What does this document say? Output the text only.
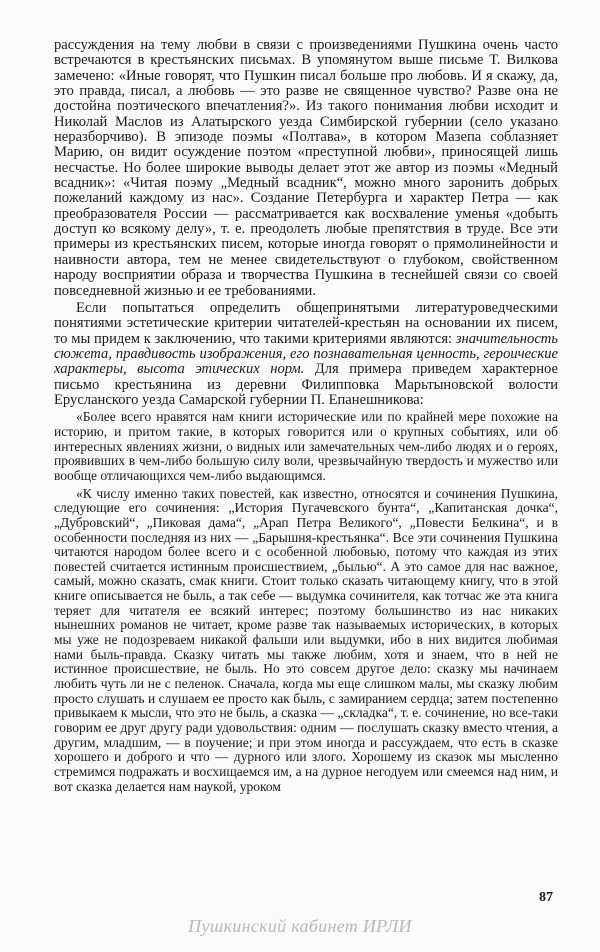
рассуждения на тему любви в связи с произведениями Пушкина очень часто встречаются в крестьянских письмах. В упомянутом выше письме Т. Вилкова замечено: «Иные говорят, что Пушкин писал больше про любовь. И я скажу, да, это правда, писал, а любовь — это разве не священное чувство? Разве она не достойна поэтического впечатления?». Из такого понимания любви исходит и Николай Маслов из Алатырского уезда Симбирской губернии (село указано неразборчиво). В эпизоде поэмы «Полтава», в котором Мазепа соблазняет Марию, он видит осуждение поэтом «преступной любви», приносящей лишь несчастье. Но более широкие выводы делает этот же автор из поэмы «Медный всадник»: «Читая поэму „Медный всадник“, можно много заронить добрых пожеланий каждому из нас». Создание Петербурга и характер Петра — как преобразователя России — рассматривается как восхваление уменья «добыть доступ ко всякому делу», т. е. преодолеть любые препятствия в труде. Все эти примеры из крестьянских писем, которые иногда говорят о прямолинейности и наивности автора, тем не менее свидетельствуют о глубоком, свойственном народу восприятии образа и творчества Пушкина в теснейшей связи со своей повседневной жизнью и ее требованиями.

Если попытаться определить общепринятыми литературоведческими понятиями эстетические критерии читателей-крестьян на основании их писем, то мы придем к заключению, что такими критериями являются: значительность сюжета, правдивость изображения, его познавательная ценность, героические характеры, высота этических норм. Для примера приведем характерное письмо крестьянина из деревни Филипповка Марьтыновской волости Ерусланского уезда Самарской губернии П. Епанешникова:

«Более всего нравятся нам книги исторические или по крайней мере похожие на историю, и притом такие, в которых говорится или о крупных событиях, или об интересных явлениях жизни, о видных или замечательных чем-либо людях и о героях, проявивших в чем-либо большую силу воли, чрезвычайную твердость и мужество или вообще отличающихся чем-либо выдающимся.

«К числу именно таких повестей, как известно, относятся и сочинения Пушкина, следующие его сочинения: „История Пугачевского бунта“, „Капитанская дочка“, „Дубровский“, „Пиковая дама“, „Арап Петра Великого“, „Повести Белкина“, и в особенности последняя из них — „Барышня-крестьянка“. Все эти сочинения Пушкина читаются народом более всего и с особенной любовью, потому что каждая из этих повестей считается истинным происшествием, „былью“. А это самое для нас важное, самый, можно сказать, смак книги. Стоит только сказать читающему книгу, что в этой книге описывается не быль, а так себе — выдумка сочинителя, как тотчас же эта книга теряет для читателя ее всякий интерес; поэтому большинство из нас никаких нынешних романов не читает, кроме разве так называемых исторических, в которых мы уже не подозреваем никакой фальши или выдумки, ибо в них видится любимая нами быль-правда. Сказку читать мы также любим, хотя и знаем, что в ней не истинное происшествие, не быль. Но это совсем другое дело: сказку мы начинаем любить чуть ли не с пеленок. Сначала, когда мы еще слишком малы, мы сказку любим просто слушать и слушаем ее просто как быль, с замиранием сердца; затем постепенно привыкаем к мысли, что это не быль, а сказка — „складка“, т. е. сочинение, но все-таки говорим ее друг другу ради удовольствия: одним — послушать сказку вместо чтения, а другим, младшим, — в поучение; и при этом иногда и рассуждаем, что есть в сказке хорошего и доброго и что — дурного или злого. Хорошему из сказок мы мысленно стремимся подражать и восхищаемся им, а на дурное негодуем или смеемся над ним, и вот сказка делается нам наукой, уроком

87
Пушкинский кабинет ИРЛИ
